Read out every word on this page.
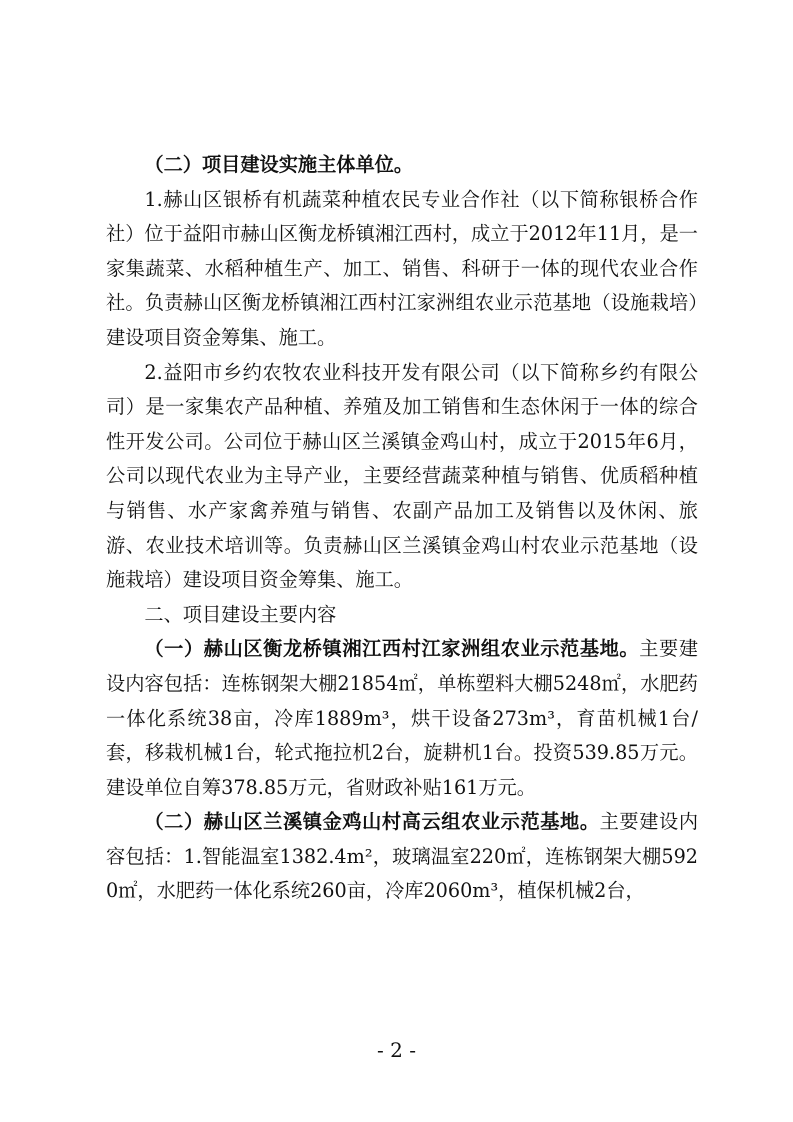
（二）项目建设实施主体单位。

1.赫山区银桥有机蔬菜种植农民专业合作社（以下简称银桥合作社）位于益阳市赫山区衡龙桥镇湘江西村，成立于2012年11月，是一家集蔬菜、水稻种植生产、加工、销售、科研于一体的现代农业合作社。负责赫山区衡龙桥镇湘江西村江家洲组农业示范基地（设施栽培）建设项目资金筹集、施工。

2.益阳市乡约农牧农业科技开发有限公司（以下简称乡约有限公司）是一家集农产品种植、养殖及加工销售和生态休闲于一体的综合性开发公司。公司位于赫山区兰溪镇金鸡山村，成立于2015年6月，公司以现代农业为主导产业，主要经营蔬菜种植与销售、优质稻种植与销售、水产家禽养殖与销售、农副产品加工及销售以及休闲、旅游、农业技术培训等。负责赫山区兰溪镇金鸡山村农业示范基地（设施栽培）建设项目资金筹集、施工。

二、项目建设主要内容

（一）赫山区衡龙桥镇湘江西村江家洲组农业示范基地。主要建设内容包括：连栋钢架大棚21854㎡，单栋塑料大棚5248㎡，水肥药一体化系统38亩，冷库1889m³，烘干设备273m³，育苗机械1台/套，移栽机械1台，轮式拖拉机2台，旋耕机1台。投资539.85万元。建设单位自筹378.85万元，省财政补贴161万元。

（二）赫山区兰溪镇金鸡山村高云组农业示范基地。主要建设内容包括：1.智能温室1382.4m²，玻璃温室220㎡，连栋钢架大棚5920㎡，水肥药一体化系统260亩，冷库2060m³，植保机械2台，

- 2 -
